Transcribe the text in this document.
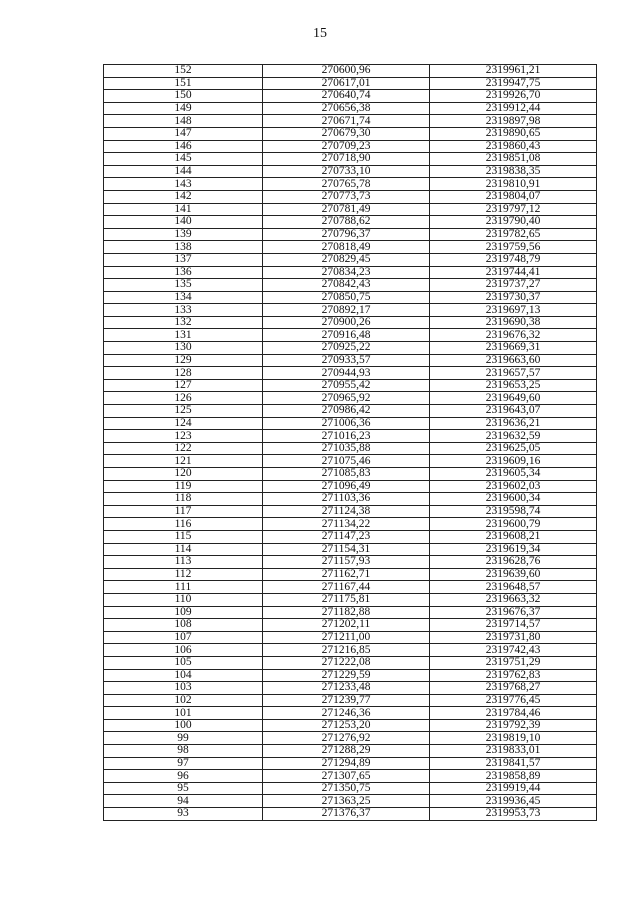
15
152	270600,96	2319961,21
151	270617,01	2319947,75
150	270640,74	2319926,70
149	270656,38	2319912,44
148	270671,74	2319897,98
147	270679,30	2319890,65
146	270709,23	2319860,43
145	270718,90	2319851,08
144	270733,10	2319838,35
143	270765,78	2319810,91
142	270773,73	2319804,07
141	270781,49	2319797,12
140	270788,62	2319790,40
139	270796,37	2319782,65
138	270818,49	2319759,56
137	270829,45	2319748,79
136	270834,23	2319744,41
135	270842,43	2319737,27
134	270850,75	2319730,37
133	270892,17	2319697,13
132	270900,26	2319690,38
131	270916,48	2319676,32
130	270925,22	2319669,31
129	270933,57	2319663,60
128	270944,93	2319657,57
127	270955,42	2319653,25
126	270965,92	2319649,60
125	270986,42	2319643,07
124	271006,36	2319636,21
123	271016,23	2319632,59
122	271035,88	2319625,05
121	271075,46	2319609,16
120	271085,83	2319605,34
119	271096,49	2319602,03
118	271103,36	2319600,34
117	271124,38	2319598,74
116	271134,22	2319600,79
115	271147,23	2319608,21
114	271154,31	2319619,34
113	271157,93	2319628,76
112	271162,71	2319639,60
111	271167,44	2319648,57
110	271175,81	2319663,32
109	271182,88	2319676,37
108	271202,11	2319714,57
107	271211,00	2319731,80
106	271216,85	2319742,43
105	271222,08	2319751,29
104	271229,59	2319762,83
103	271233,48	2319768,27
102	271239,77	2319776,45
101	271246,36	2319784,46
100	271253,20	2319792,39
99	271276,92	2319819,10
98	271288,29	2319833,01
97	271294,89	2319841,57
96	271307,65	2319858,89
95	271350,75	2319919,44
94	271363,25	2319936,45
93	271376,37	2319953,73
